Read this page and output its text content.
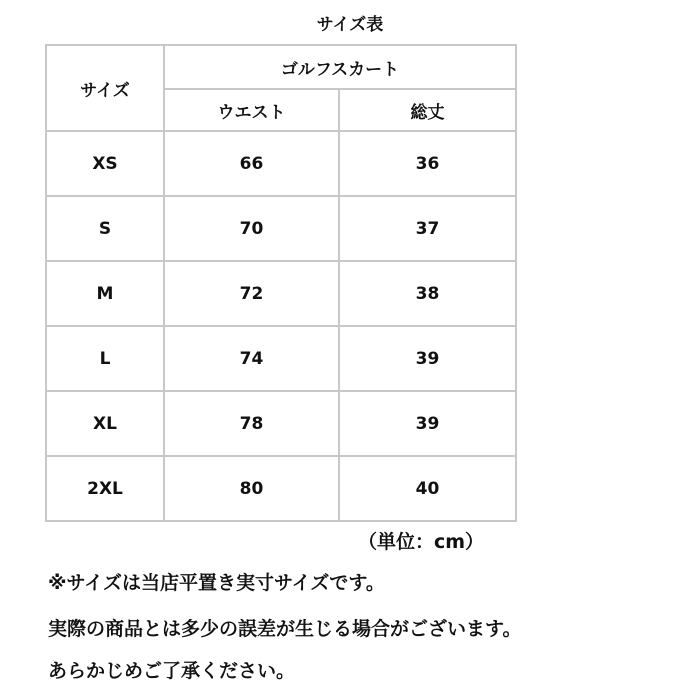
サイズ表
サイズ	ゴルフスカート	
	ウエスト	総丈
XS	66	36
S	70	37
M	72	38
L	74	39
XL	78	39
2XL	80	40
（単位：cm）
※サイズは当店平置き実寸サイズです。
実際の商品とは多少の誤差が生じる場合がございます。
あらかじめご了承ください。
